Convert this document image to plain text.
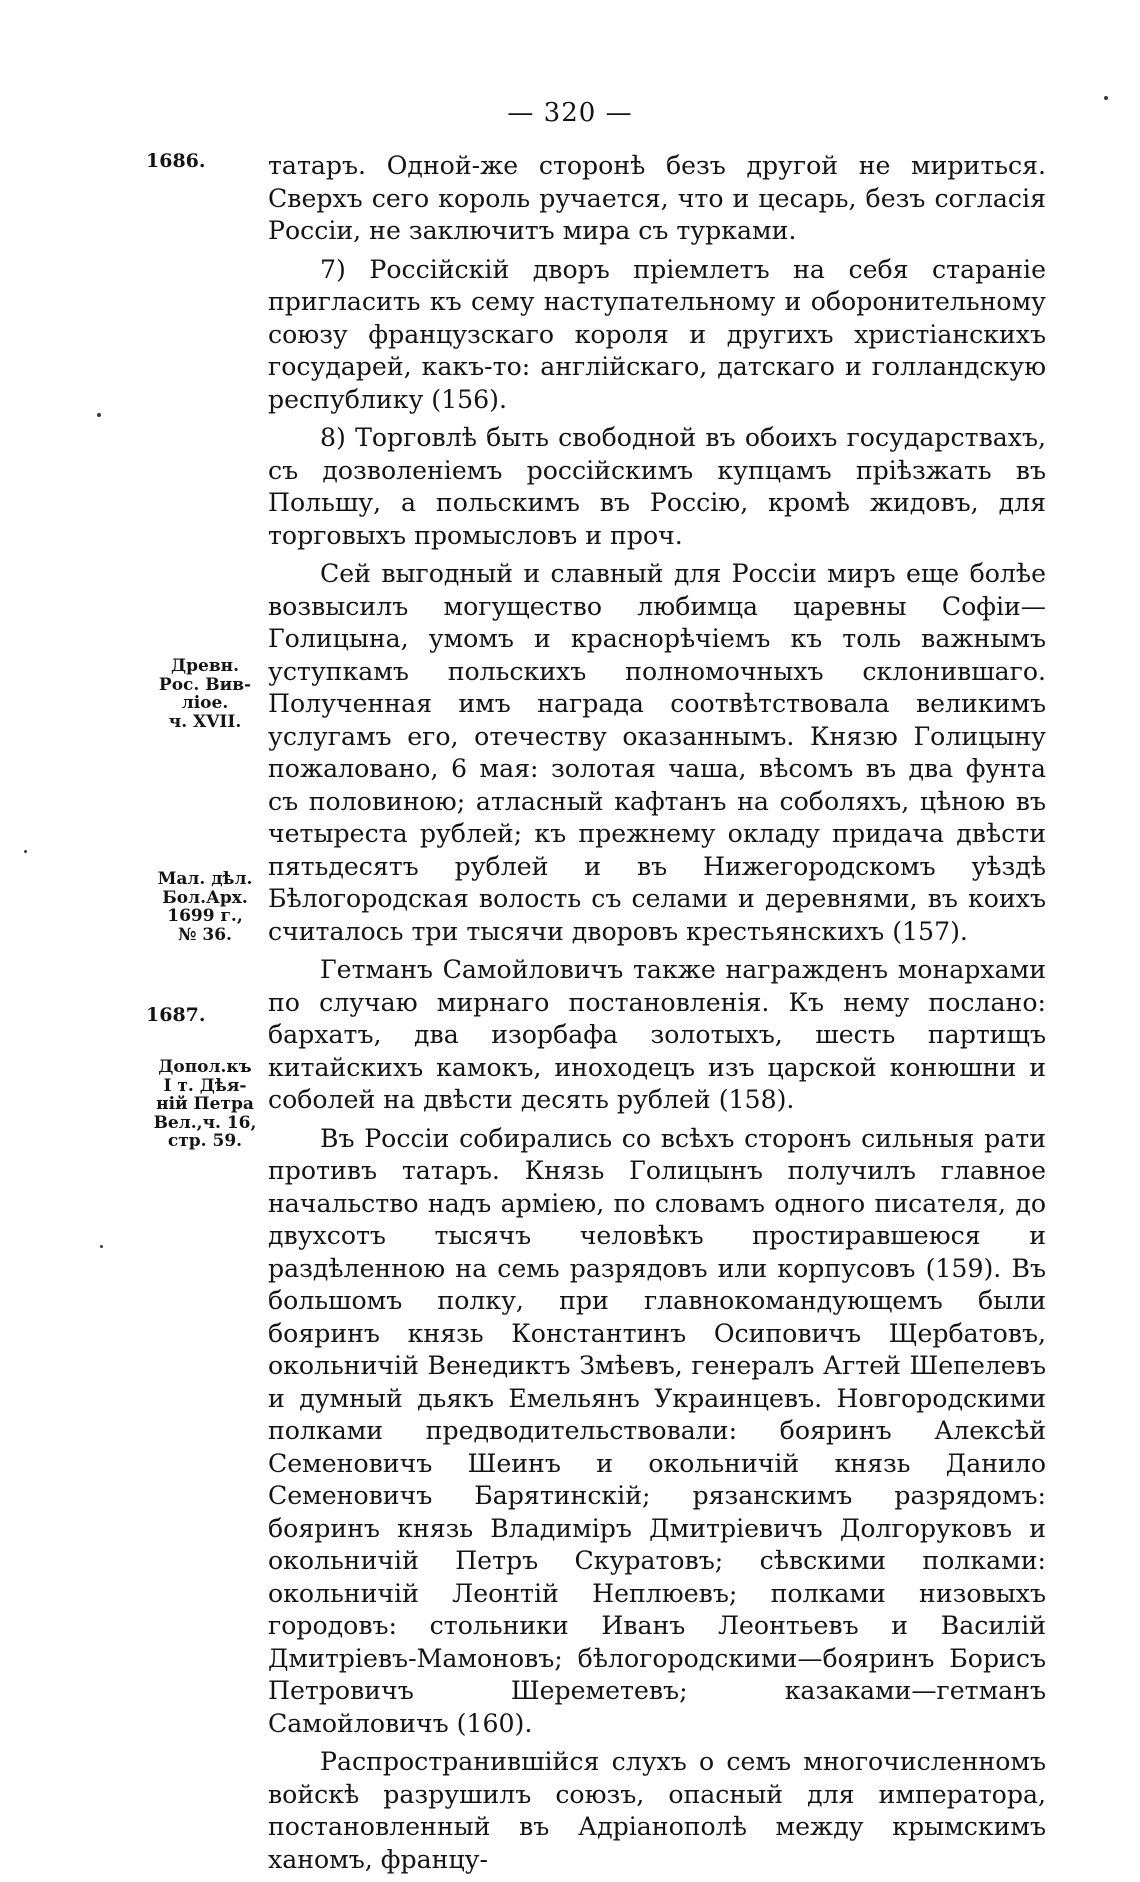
— 320 —
1686.
1687.
Древн.
Рос. Вив-
ліое.
ч. XVII.
Мал. дѣл.
Бол.Арх.
1699 г.,
№ 36.
Допол.къ
I т. Дѣя-
ній Петра
Вел.,ч. 16,
стр. 59.

татаръ. Одной-же сторонѣ безъ другой не мириться. Сверхъ сего король ручается, что и цесарь, безъ согласія Россіи, не заключитъ мира съ турками.

7) Россійскій дворъ пріемлетъ на себя стараніе пригласить къ сему наступательному и оборонительному союзу французскаго короля и другихъ христіанскихъ государей, какъ-то: англійскаго, датскаго и голландскую республику (156).

8) Торговлѣ быть свободной въ обоихъ государствахъ, съ дозволеніемъ россійскимъ купцамъ пріѣзжать въ Польшу, а польскимъ въ Россію, кромѣ жидовъ, для торговыхъ промысловъ и проч.

Сей выгодный и славный для Россіи миръ еще болѣе возвысилъ могущество любимца царевны Софіи—Голицына, умомъ и краснорѣчіемъ къ толь важнымъ уступкамъ польскихъ полномочныхъ склонившаго. Полученная имъ награда соотвѣтствовала великимъ услугамъ его, отечеству оказаннымъ. Князю Голицыну пожаловано, 6 мая: золотая чаша, вѣсомъ въ два фунта съ половиною; атласный кафтанъ на соболяхъ, цѣною въ четыреста рублей; къ прежнему окладу придача двѣсти пятьдесятъ рублей и въ Нижегородскомъ уѣздѣ Бѣлогородская волость съ селами и деревнями, въ коихъ считалось три тысячи дворовъ крестьянскихъ (157).

Гетманъ Самойловичъ также награжденъ монархами по случаю мирнаго постановленія. Къ нему послано: бархатъ, два изорбафа золотыхъ, шесть партищъ китайскихъ камокъ, иноходецъ изъ царской конюшни и соболей на двѣсти десять рублей (158).

Въ Россіи собирались со всѣхъ сторонъ сильныя рати противъ татаръ. Князь Голицынъ получилъ главное начальство надъ арміею, по словамъ одного писателя, до двухсотъ тысячъ человѣкъ простиравшеюся и раздѣленною на семь разрядовъ или корпусовъ (159). Въ большомъ полку, при главнокомандующемъ были бояринъ князь Константинъ Осиповичъ Щербатовъ, окольничій Венедиктъ Змѣевъ, генералъ Агтей Шепелевъ и думный дьякъ Емельянъ Украинцевъ. Новгородскими полками предводительствовали: бояринъ Алексѣй Семеновичъ Шеинъ и окольничій князь Данило Семеновичъ Барятинскій; рязанскимъ разрядомъ: бояринъ князь Владиміръ Дмитріевичъ Долгоруковъ и окольничій Петръ Скуратовъ; сѣвскими полками: окольничій Леонтій Неплюевъ; полками низовыхъ городовъ: стольники Иванъ Леонтьевъ и Василій Дмитріевъ-Мамоновъ; бѣлогородскими—бояринъ Борисъ Петровичъ Шереметевъ; казаками—гетманъ Самойловичъ (160).

Распространившійся слухъ о семъ многочисленномъ войскѣ разрушилъ союзъ, опасный для императора, постановленный въ Адріанополѣ между крымскимъ ханомъ, францу-
